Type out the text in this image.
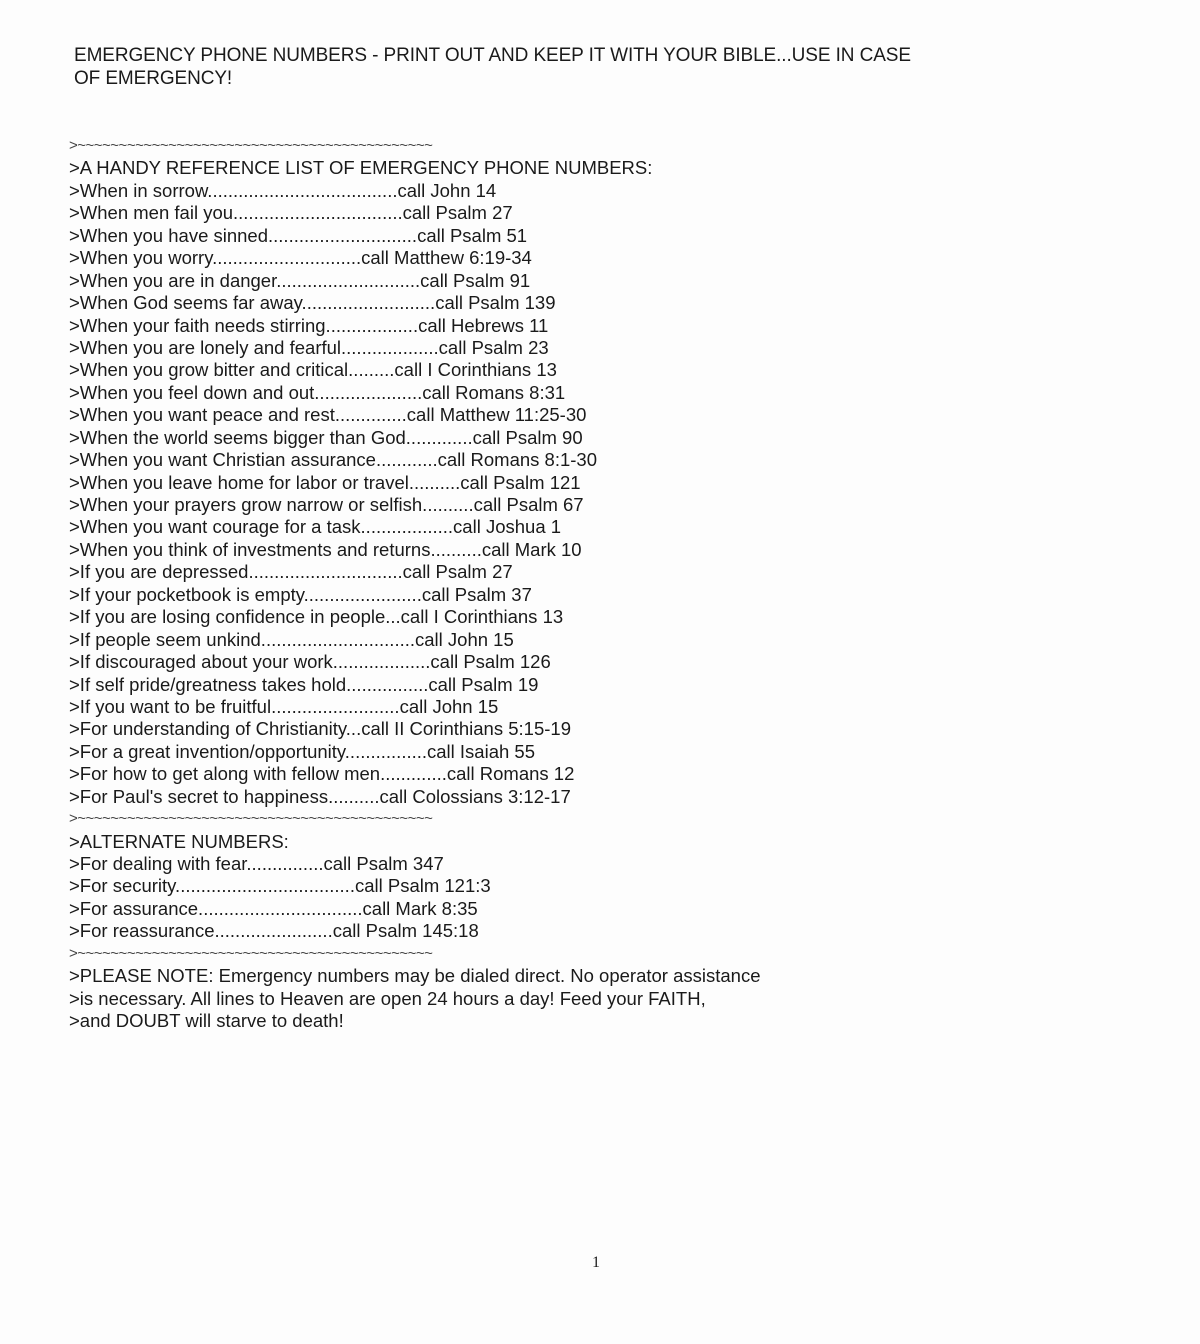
EMERGENCY PHONE NUMBERS - PRINT OUT AND KEEP IT WITH YOUR BIBLE...USE IN CASE
OF EMERGENCY!
>~~~~~~~~~~~~~~~~~~~~~~~~~~~~~~~~~~~~~~~~~~~
>A HANDY REFERENCE LIST OF EMERGENCY PHONE NUMBERS:
>When in sorrow.....................................call John 14
>When men fail you.................................call Psalm 27
>When you have sinned.............................call Psalm 51
>When you worry.............................call Matthew 6:19-34
>When you are in danger............................call Psalm 91
>When God seems far away..........................call Psalm 139
>When your faith needs stirring..................call Hebrews 11
>When you are lonely and fearful...................call Psalm 23
>When you grow bitter and critical.........call I Corinthians 13
>When you feel down and out.....................call Romans 8:31
>When you want peace and rest..............call Matthew 11:25-30
>When the world seems bigger than God.............call Psalm 90
>When you want Christian assurance............call Romans 8:1-30
>When you leave home for labor or travel..........call Psalm 121
>When your prayers grow narrow or selfish..........call Psalm 67
>When you want courage for a task..................call Joshua 1
>When you think of investments and returns..........call Mark 10
>If you are depressed..............................call Psalm 27
>If your pocketbook is empty.......................call Psalm 37
>If you are losing confidence in people...call I Corinthians 13
>If people seem unkind..............................call John 15
>If discouraged about your work...................call Psalm 126
>If self pride/greatness takes hold................call Psalm 19
>If you want to be fruitful.........................call John 15
>For understanding of Christianity...call II Corinthians 5:15-19
>For a great invention/opportunity................call Isaiah 55
>For how to get along with fellow men.............call Romans 12
>For Paul's secret to happiness..........call Colossians 3:12-17
>~~~~~~~~~~~~~~~~~~~~~~~~~~~~~~~~~~~~~~~~~~~
>ALTERNATE NUMBERS:
>For dealing with fear...............call Psalm 347
>For security...................................call Psalm 121:3
>For assurance................................call Mark 8:35
>For reassurance.......................call Psalm 145:18
>~~~~~~~~~~~~~~~~~~~~~~~~~~~~~~~~~~~~~~~~~~~
>PLEASE NOTE: Emergency numbers may be dialed direct. No operator assistance
>is necessary. All lines to Heaven are open 24 hours a day! Feed your FAITH,
>and DOUBT will starve to death!
1
